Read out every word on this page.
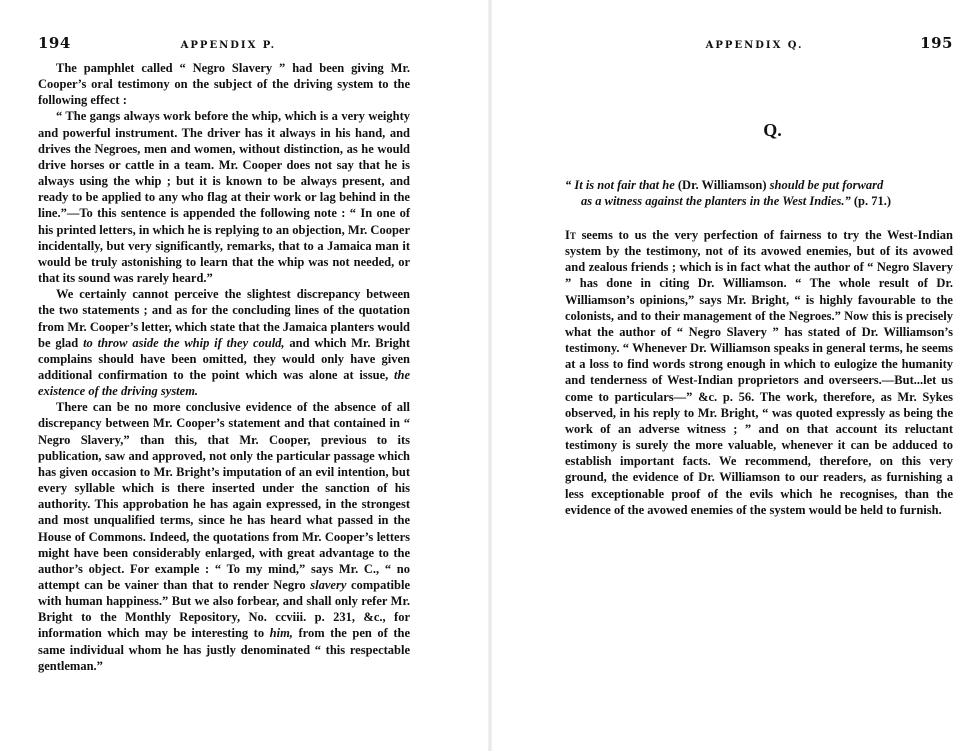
194	APPENDIX P.

The pamphlet called “ Negro Slavery ” had been giving Mr. Cooper’s oral testimony on the subject of the driving system to the following effect :

“ The gangs always work before the whip, which is a very weighty and powerful instrument. The driver has it always in his hand, and drives the Negroes, men and women, without distinction, as he would drive horses or cattle in a team. Mr. Cooper does not say that he is always using the whip ; but it is known to be always present, and ready to be applied to any who flag at their work or lag behind in the line.”—To this sentence is appended the following note : “ In one of his printed letters, in which he is replying to an objection, Mr. Cooper incidentally, but very significantly, remarks, that to a Jamaica man it would be truly astonishing to learn that the whip was not needed, or that its sound was rarely heard.”

We certainly cannot perceive the slightest discrepancy between the two statements ; and as for the concluding lines of the quotation from Mr. Cooper’s letter, which state that the Jamaica planters would be glad to throw aside the whip if they could, and which Mr. Bright complains should have been omitted, they would only have given additional confirmation to the point which was alone at issue, the existence of the driving system.

There can be no more conclusive evidence of the absence of all discrepancy between Mr. Cooper’s statement and that contained in “ Negro Slavery,” than this, that Mr. Cooper, previous to its publication, saw and approved, not only the particular passage which has given occasion to Mr. Bright’s imputation of an evil intention, but every syllable which is there inserted under the sanction of his authority. This approbation he has again expressed, in the strongest and most unqualified terms, since he has heard what passed in the House of Commons. Indeed, the quotations from Mr. Cooper’s letters might have been considerably enlarged, with great advantage to the author’s object. For example : “ To my mind,” says Mr. C., “ no attempt can be vainer than that to render Negro slavery compatible with human happiness.” But we also forbear, and shall only refer Mr. Bright to the Monthly Repository, No. ccviii. p. 231, &c., for information which may be interesting to him, from the pen of the same individual whom he has justly denominated “ this respectable gentleman.”

APPENDIX Q.	195
Q.
“ It is not fair that he (Dr. Williamson) should be put forward
as a witness against the planters in the West Indies.” (p. 71.)

It seems to us the very perfection of fairness to try the West-Indian system by the testimony, not of its avowed enemies, but of its avowed and zealous friends ; which is in fact what the author of “ Negro Slavery ” has done in citing Dr. Williamson. “ The whole result of Dr. Williamson’s opinions,” says Mr. Bright, “ is highly favourable to the colonists, and to their management of the Negroes.” Now this is precisely what the author of “ Negro Slavery ” has stated of Dr. Williamson’s testimony. “ Whenever Dr. Williamson speaks in general terms, he seems at a loss to find words strong enough in which to eulogize the humanity and tenderness of West-Indian proprietors and overseers.—But...let us come to particulars—” &c. p. 56. The work, therefore, as Mr. Sykes observed, in his reply to Mr. Bright, “ was quoted expressly as being the work of an adverse witness ; ” and on that account its reluctant testimony is surely the more valuable, whenever it can be adduced to establish important facts. We recommend, therefore, on this very ground, the evidence of Dr. Williamson to our readers, as furnishing a less exceptionable proof of the evils which he recognises, than the evidence of the avowed enemies of the system would be held to furnish.
